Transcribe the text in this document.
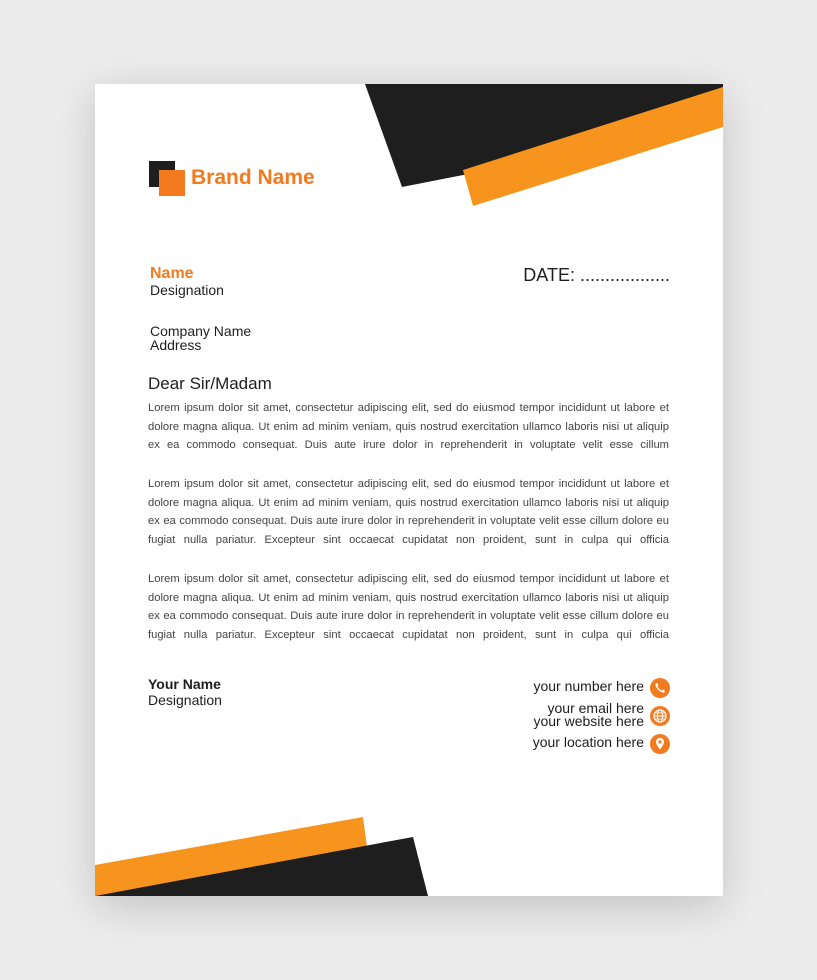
Brand Name
Name
Designation
DATE: ..................
Company Name
Address
Dear Sir/Madam

Lorem ipsum dolor sit amet, consectetur adipiscing elit, sed do eiusmod tempor incididunt ut labore et dolore magna aliqua. Ut enim ad minim veniam, quis nostrud exercitation ullamco laboris nisi ut aliquip ex ea commodo consequat. Duis aute irure dolor in reprehenderit in voluptate velit esse cillum

Lorem ipsum dolor sit amet, consectetur adipiscing elit, sed do eiusmod tempor incididunt ut labore et dolore magna aliqua. Ut enim ad minim veniam, quis nostrud exercitation ullamco laboris nisi ut aliquip ex ea commodo consequat. Duis aute irure dolor in reprehenderit in voluptate velit esse cillum dolore eu fugiat nulla pariatur. Excepteur sint occaecat cupidatat non proident, sunt in culpa qui officia

Lorem ipsum dolor sit amet, consectetur adipiscing elit, sed do eiusmod tempor incididunt ut labore et dolore magna aliqua. Ut enim ad minim veniam, quis nostrud exercitation ullamco laboris nisi ut aliquip ex ea commodo consequat. Duis aute irure dolor in reprehenderit in voluptate velit esse cillum dolore eu fugiat nulla pariatur. Excepteur sint occaecat cupidatat non proident, sunt in culpa qui officia

Your Name
Designation
your number here
your email here
your website here
your location here
